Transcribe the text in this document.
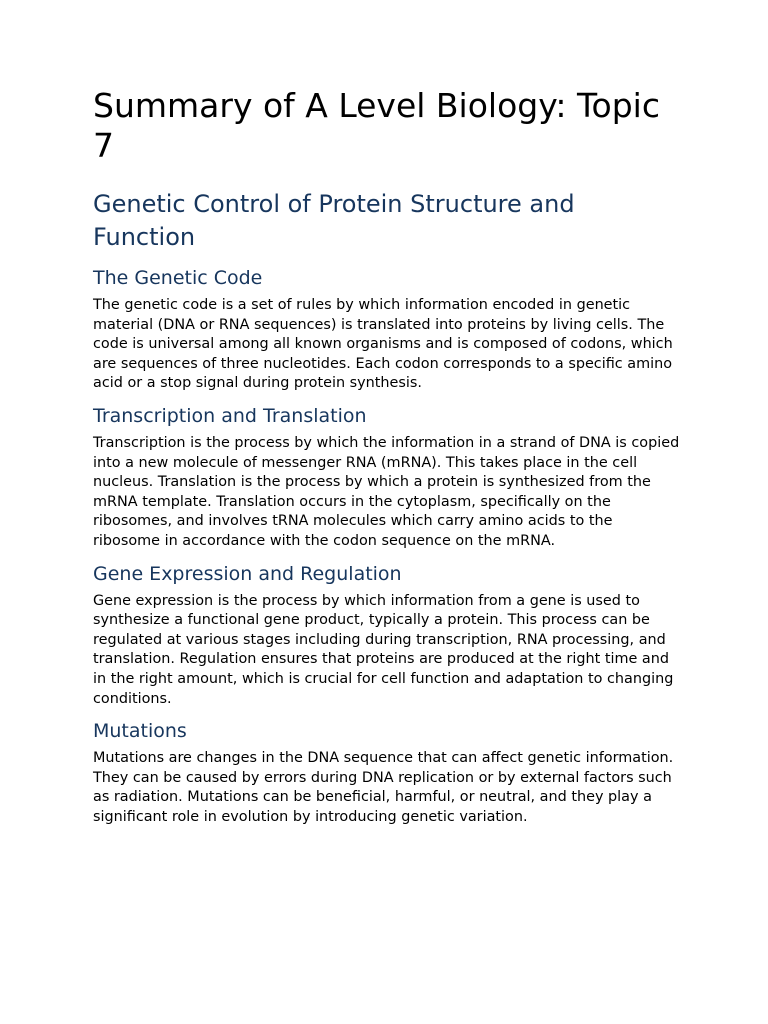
Summary of A Level Biology: Topic 7
Genetic Control of Protein Structure and Function
The Genetic Code

The genetic code is a set of rules by which information encoded in genetic material (DNA or RNA sequences) is translated into proteins by living cells. The code is universal among all known organisms and is composed of codons, which are sequences of three nucleotides. Each codon corresponds to a specific amino acid or a stop signal during protein synthesis.

Transcription and Translation

Transcription is the process by which the information in a strand of DNA is copied into a new molecule of messenger RNA (mRNA). This takes place in the cell nucleus. Translation is the process by which a protein is synthesized from the mRNA template. Translation occurs in the cytoplasm, specifically on the ribosomes, and involves tRNA molecules which carry amino acids to the ribosome in accordance with the codon sequence on the mRNA.

Gene Expression and Regulation

Gene expression is the process by which information from a gene is used to synthesize a functional gene product, typically a protein. This process can be regulated at various stages including during transcription, RNA processing, and translation. Regulation ensures that proteins are produced at the right time and in the right amount, which is crucial for cell function and adaptation to changing conditions.

Mutations

Mutations are changes in the DNA sequence that can affect genetic information. They can be caused by errors during DNA replication or by external factors such as radiation. Mutations can be beneficial, harmful, or neutral, and they play a significant role in evolution by introducing genetic variation.
